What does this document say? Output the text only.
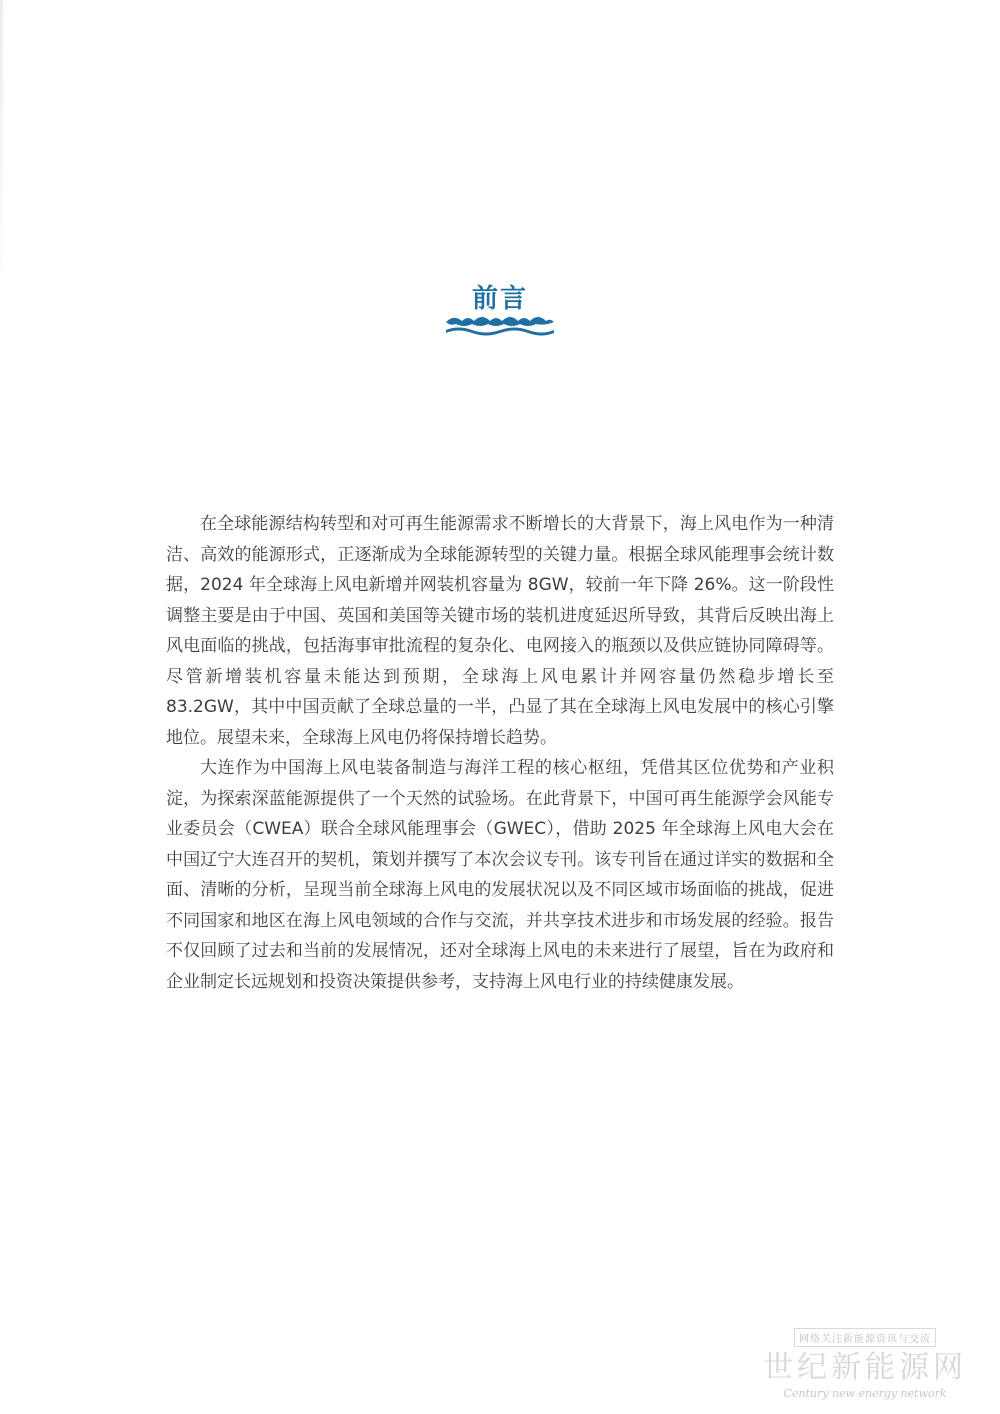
前言

在全球能源结构转型和对可再生能源需求不断增长的大背景下，海上风电作为一种清洁、高效的能源形式，正逐渐成为全球能源转型的关键力量。根据全球风能理事会统计数据，2024 年全球海上风电新增并网装机容量为 8GW，较前一年下降 26%。这一阶段性调整主要是由于中国、英国和美国等关键市场的装机进度延迟所导致，其背后反映出海上风电面临的挑战，包括海事审批流程的复杂化、电网接入的瓶颈以及供应链协同障碍等。尽管新增装机容量未能达到预期，全球海上风电累计并网容量仍然稳步增长至 83.2GW，其中中国贡献了全球总量的一半，凸显了其在全球海上风电发展中的核心引擎地位。展望未来，全球海上风电仍将保持增长趋势。

大连作为中国海上风电装备制造与海洋工程的核心枢纽，凭借其区位优势和产业积淀，为探索深蓝能源提供了一个天然的试验场。在此背景下，中国可再生能源学会风能专业委员会（CWEA）联合全球风能理事会（GWEC），借助 2025 年全球海上风电大会在中国辽宁大连召开的契机，策划并撰写了本次会议专刊。该专刊旨在通过详实的数据和全面、清晰的分析，呈现当前全球海上风电的发展状况以及不同区域市场面临的挑战，促进不同国家和地区在海上风电领域的合作与交流，并共享技术进步和市场发展的经验。报告不仅回顾了过去和当前的发展情况，还对全球海上风电的未来进行了展望，旨在为政府和企业制定长远规划和投资决策提供参考，支持海上风电行业的持续健康发展。

网络关注新能源资讯与交流
世纪新能源网
Century new energy network
